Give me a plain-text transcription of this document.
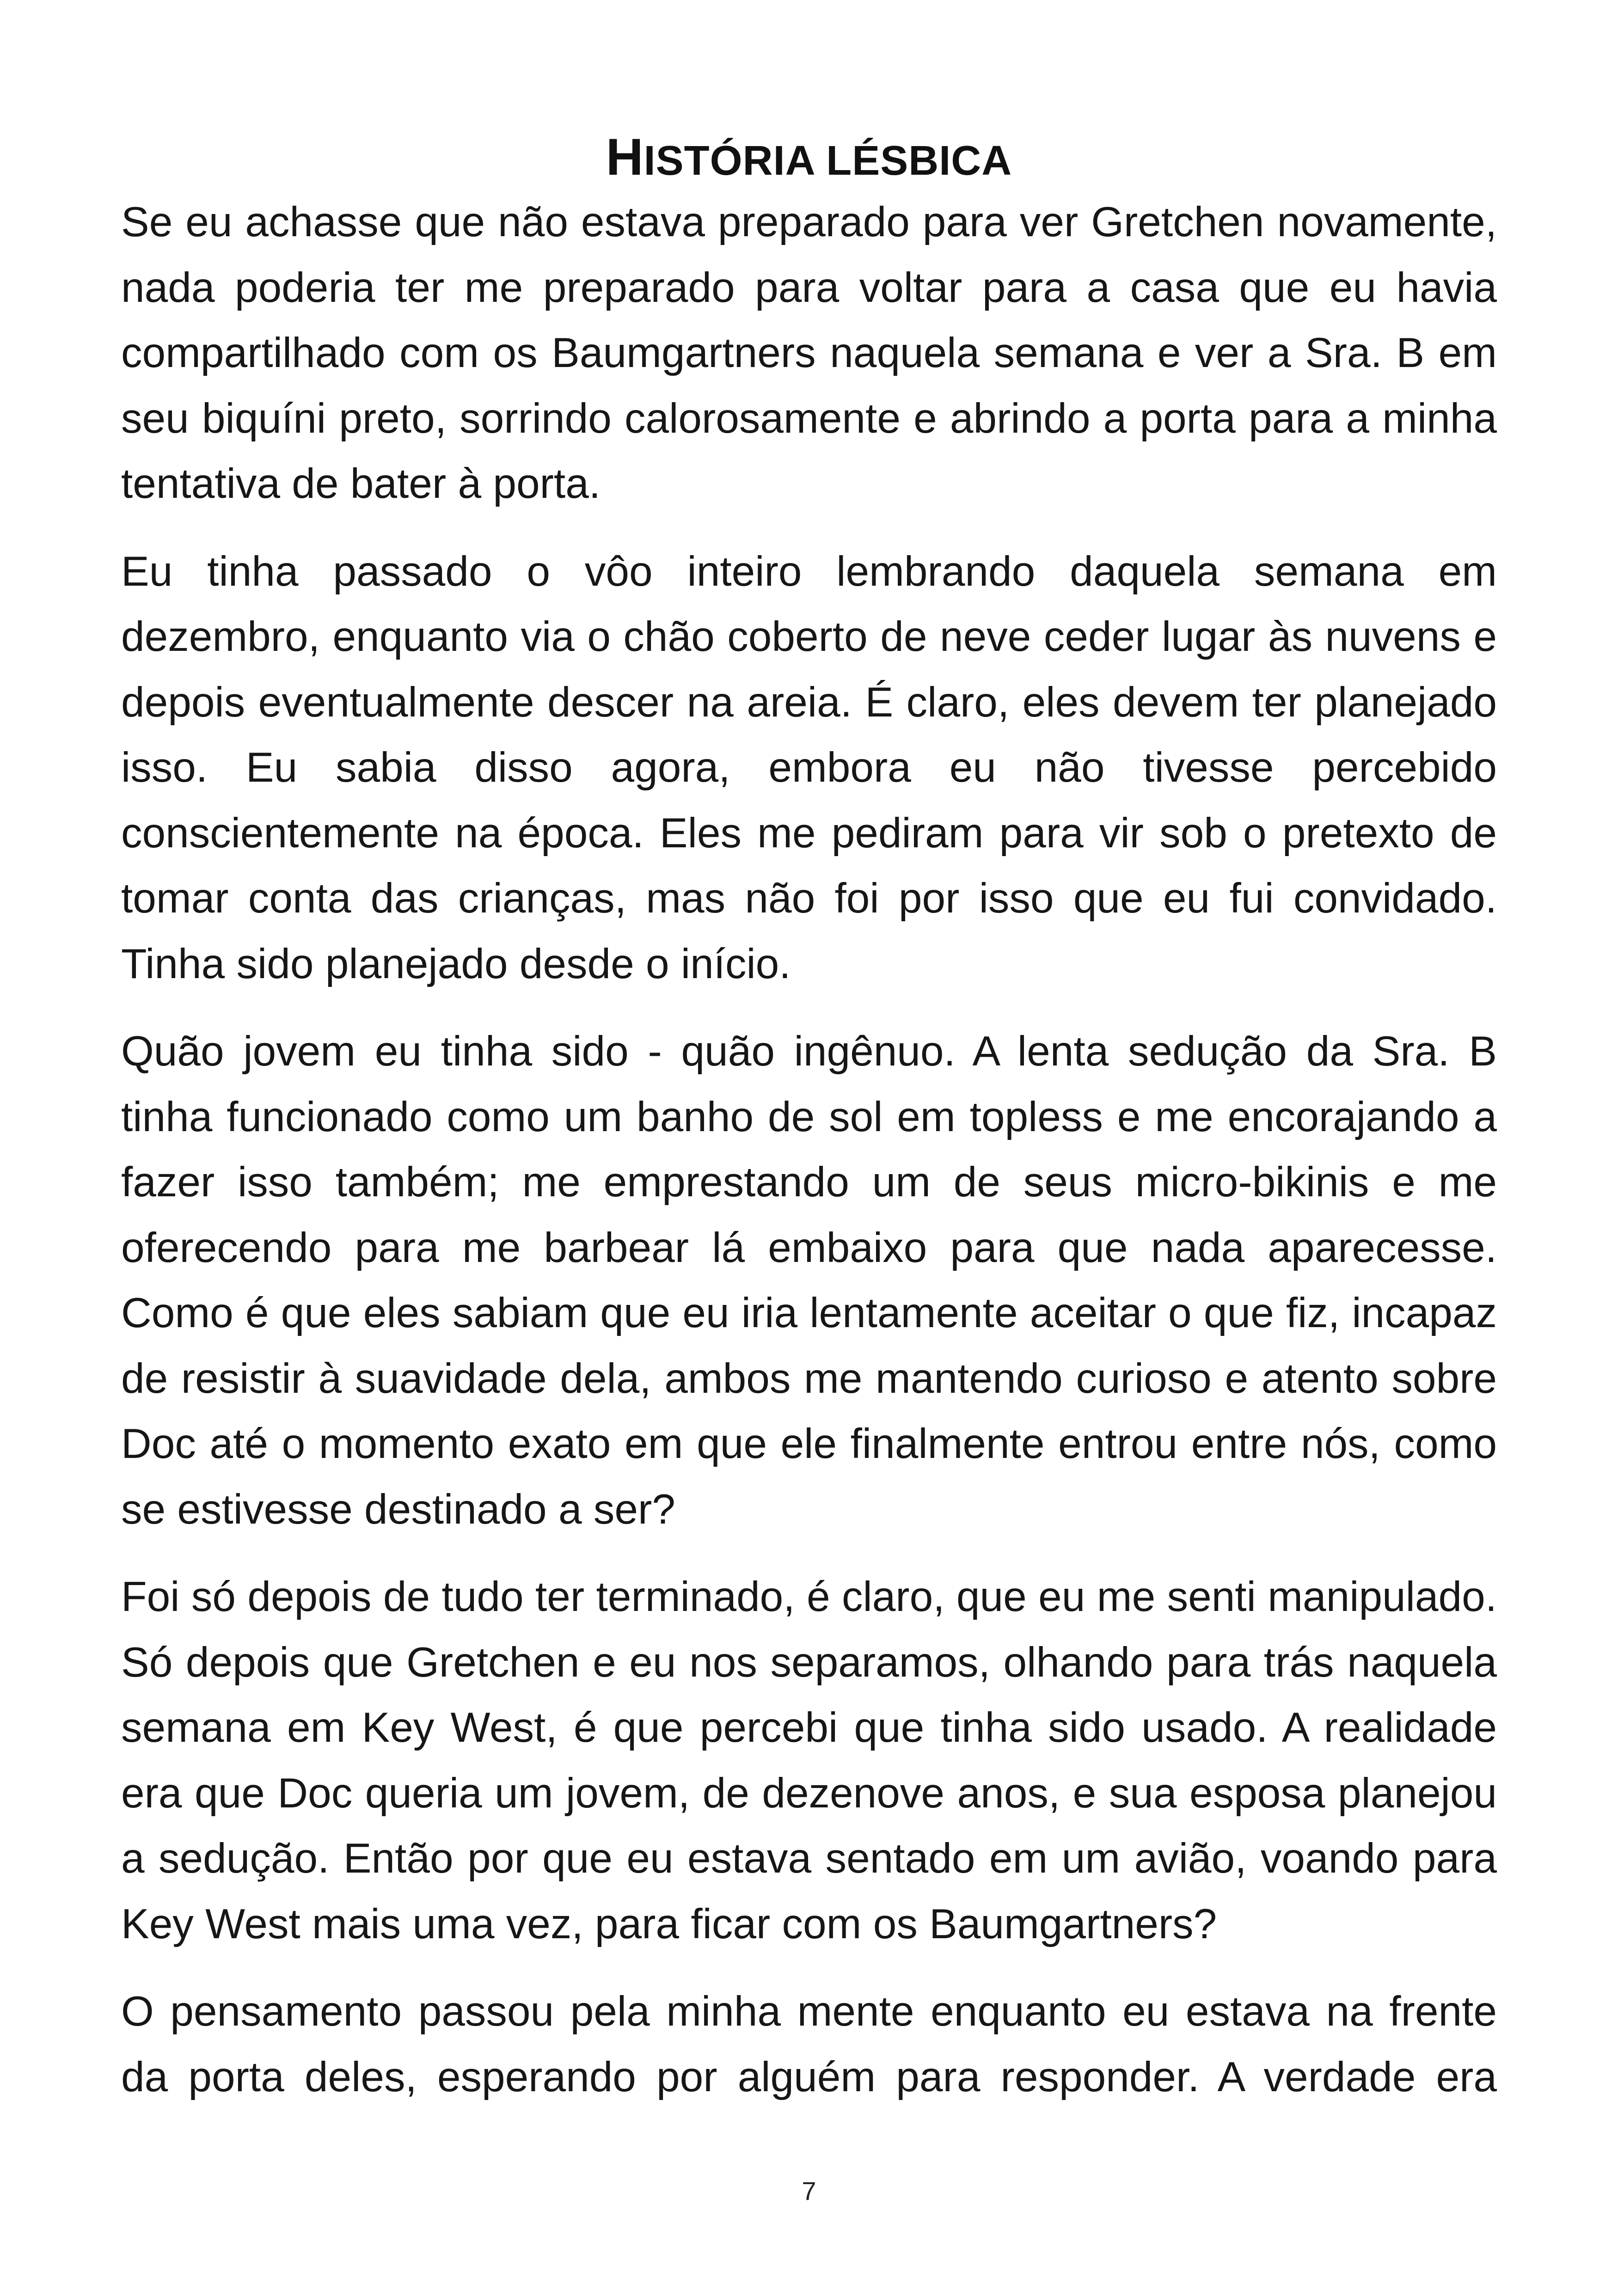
HISTÓRIA LÉSBICA

Se eu achasse que não estava preparado para ver Gretchen novamente, nada poderia ter me preparado para voltar para a casa que eu havia compartilhado com os Baumgartners naquela semana e ver a Sra. B em seu biquíni preto, sorrindo calorosamente e abrindo a porta para a minha tentativa de bater à porta.

Eu tinha passado o vôo inteiro lembrando daquela semana em dezembro, enquanto via o chão coberto de neve ceder lugar às nuvens e depois eventualmente descer na areia. É claro, eles devem ter planejado isso. Eu sabia disso agora, embora eu não tivesse percebido conscientemente na época. Eles me pediram para vir sob o pretexto de tomar conta das crianças, mas não foi por isso que eu fui convidado. Tinha sido planejado desde o início.

Quão jovem eu tinha sido - quão ingênuo. A lenta sedução da Sra. B tinha funcionado como um banho de sol em topless e me encorajando a fazer isso também; me emprestando um de seus micro-bikinis e me oferecendo para me barbear lá embaixo para que nada aparecesse. Como é que eles sabiam que eu iria lentamente aceitar o que fiz, incapaz de resistir à suavidade dela, ambos me mantendo curioso e atento sobre Doc até o momento exato em que ele finalmente entrou entre nós, como se estivesse destinado a ser?

Foi só depois de tudo ter terminado, é claro, que eu me senti manipulado. Só depois que Gretchen e eu nos separamos, olhando para trás naquela semana em Key West, é que percebi que tinha sido usado. A realidade era que Doc queria um jovem, de dezenove anos, e sua esposa planejou a sedução. Então por que eu estava sentado em um avião, voando para Key West mais uma vez, para ficar com os Baumgartners?

O pensamento passou pela minha mente enquanto eu estava na frente da porta deles, esperando por alguém para responder. A verdade era

7
